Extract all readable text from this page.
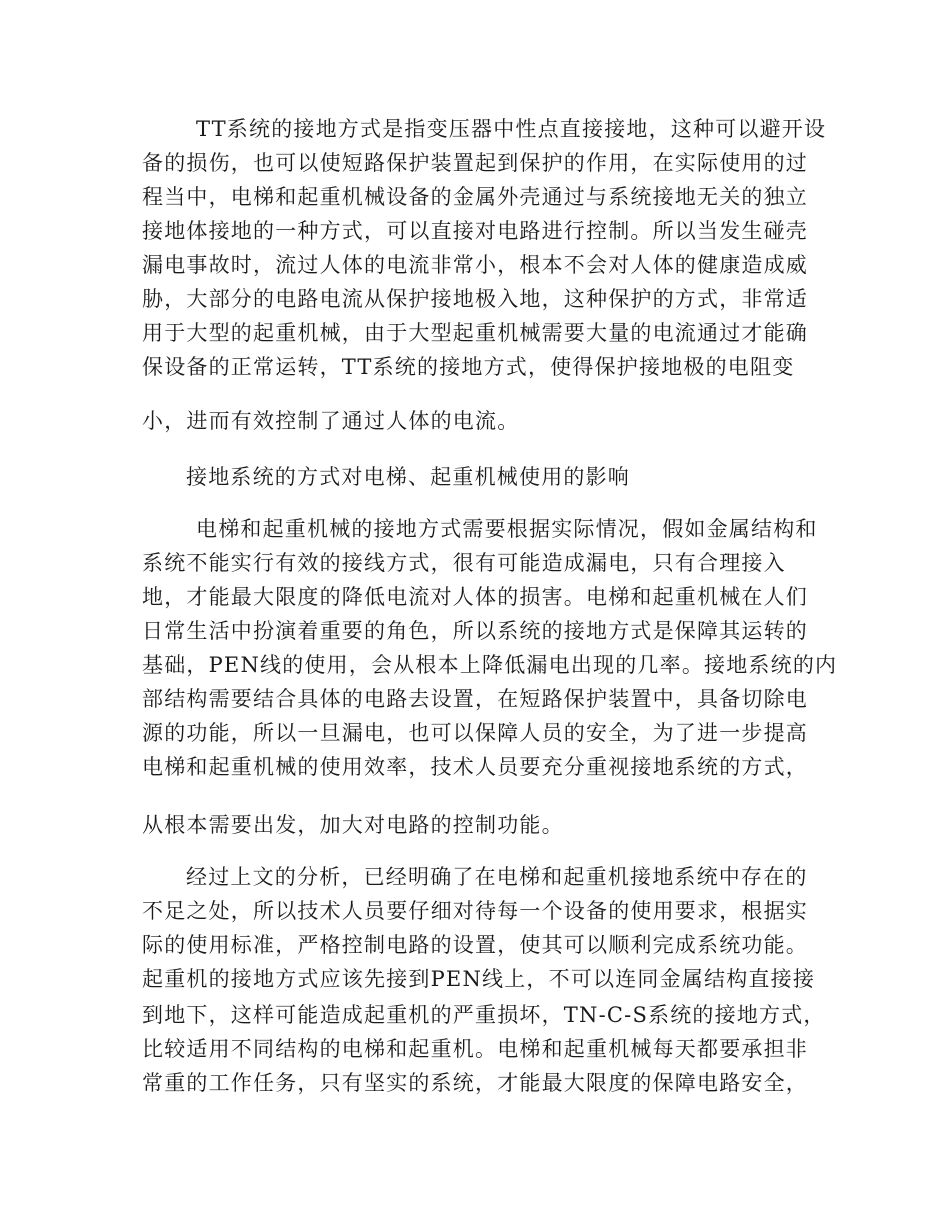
TT系统的接地方式是指变压器中性点直接接地，这种可以避开设
备的损伤，也可以使短路保护装置起到保护的作用，在实际使用的过
程当中，电梯和起重机械设备的金属外壳通过与系统接地无关的独立
接地体接地的一种方式，可以直接对电路进行控制。所以当发生碰壳
漏电事故时，流过人体的电流非常小，根本不会对人体的健康造成威
胁，大部分的电路电流从保护接地极入地，这种保护的方式，非常适
用于大型的起重机械，由于大型起重机械需要大量的电流通过才能确
保设备的正常运转，TT系统的接地方式，使得保护接地极的电阻变
小，进而有效控制了通过人体的电流。
接地系统的方式对电梯、起重机械使用的影响
电梯和起重机械的接地方式需要根据实际情况，假如金属结构和
系统不能实行有效的接线方式，很有可能造成漏电，只有合理接入
地，才能最大限度的降低电流对人体的损害。电梯和起重机械在人们
日常生活中扮演着重要的角色，所以系统的接地方式是保障其运转的
基础，PEN线的使用，会从根本上降低漏电出现的几率。接地系统的内
部结构需要结合具体的电路去设置，在短路保护装置中，具备切除电
源的功能，所以一旦漏电，也可以保障人员的安全，为了进一步提高
电梯和起重机械的使用效率，技术人员要充分重视接地系统的方式，
从根本需要出发，加大对电路的控制功能。
经过上文的分析，已经明确了在电梯和起重机接地系统中存在的
不足之处，所以技术人员要仔细对待每一个设备的使用要求，根据实
际的使用标准，严格控制电路的设置，使其可以顺利完成系统功能。
起重机的接地方式应该先接到PEN线上，不可以连同金属结构直接接
到地下，这样可能造成起重机的严重损坏，TN-C-S系统的接地方式，
比较适用不同结构的电梯和起重机。电梯和起重机械每天都要承担非
常重的工作任务，只有坚实的系统，才能最大限度的保障电路安全，
